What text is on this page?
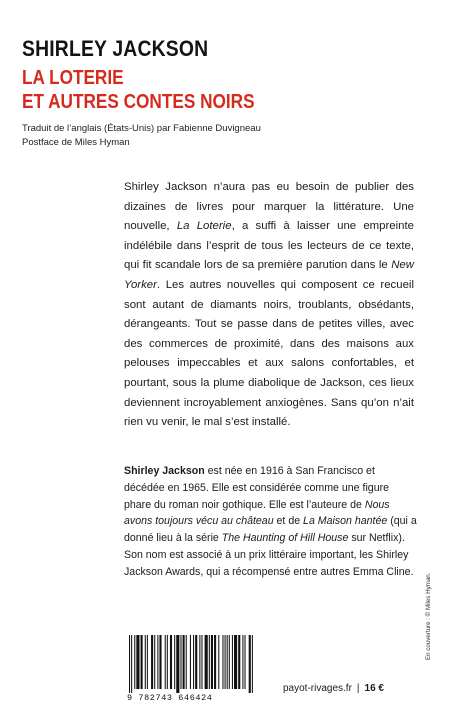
SHIRLEY JACKSON
LA LOTERIE
ET AUTRES CONTES NOIRS
Traduit de l’anglais (États-Unis) par Fabienne Duvigneau
Postface de Miles Hyman

Shirley Jackson n’aura pas eu besoin de publier des dizaines de livres pour marquer la littérature. Une nouvelle, La Loterie, a suffi à laisser une empreinte indélébile dans l’esprit de tous les lecteurs de ce texte, qui fit scandale lors de sa première parution dans le New Yorker. Les autres nouvelles qui composent ce recueil sont autant de diamants noirs, troublants, obsédants, dérangeants. Tout se passe dans de petites villes, avec des commerces de proximité, dans des maisons aux pelouses impeccables et aux salons confortables, et pourtant, sous la plume diabolique de Jackson, ces lieux deviennent incroyablement anxiogènes. Sans qu’on n’ait rien vu venir, le mal s’est installé.

Shirley Jackson est née en 1916 à San Francisco et décédée en 1965. Elle est considérée comme une figure phare du roman noir gothique. Elle est l’auteure de Nous avons toujours vécu au château et de La Maison hantée (qui a donné lieu à la série The Haunting of Hill House sur Netflix). Son nom est associé à un prix littéraire important, les Shirley Jackson Awards, qui a récompensé entre autres Emma Cline.

9 782743 646424
payot-rivages.fr | 16 €
En couverture : © Miles Hyman.
